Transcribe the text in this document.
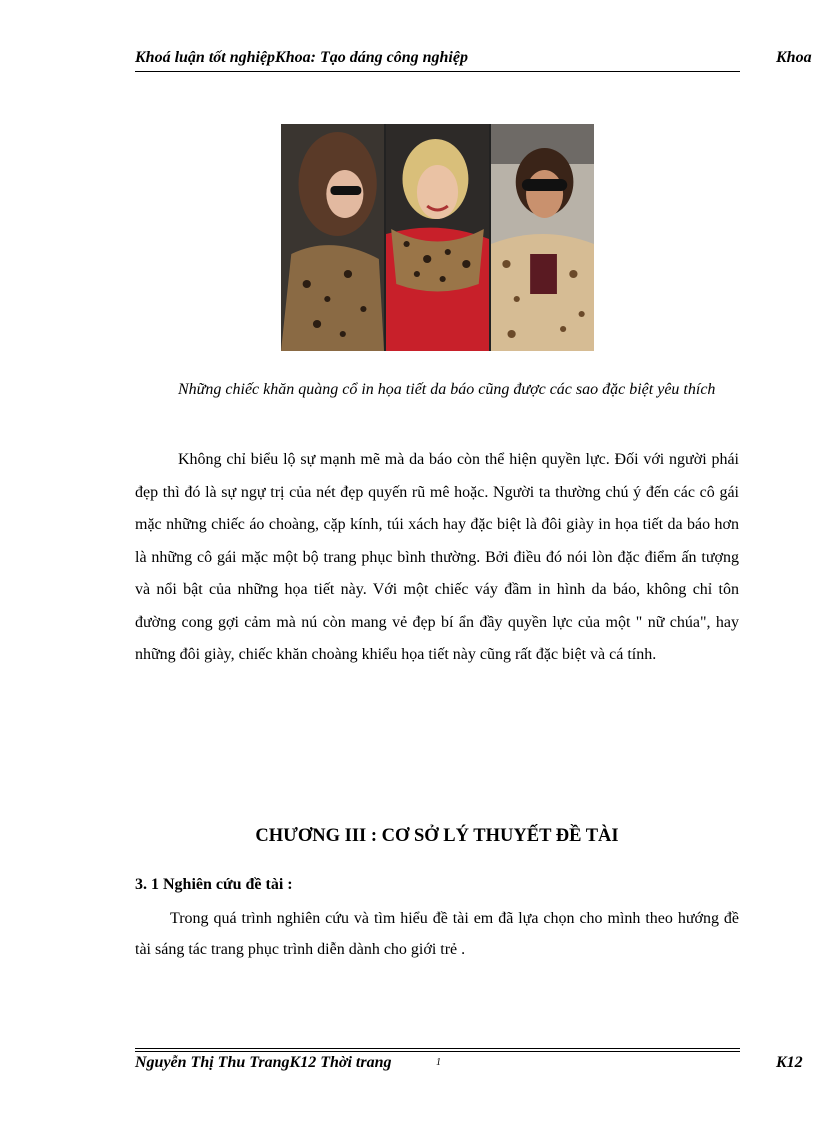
Khoá luận tốt nghiệpKhoa: Tạo dáng công nghiệp	Khoa
Những chiếc khăn quàng cổ in họa tiết da báo cũng được các sao đặc biệt yêu thích
Không chỉ biểu lộ sự mạnh mẽ mà da báo còn thể hiện quyền lực. Đối với người phái đẹp thì đó là sự ngự trị của nét đẹp quyến rũ mê hoặc. Người ta thường chú ý đến các cô gái mặc những chiếc áo choàng, cặp kính, túi xách hay đặc biệt là đôi giày in họa tiết da báo hơn là những cô gái mặc một bộ trang phục bình thường. Bởi điều đó nói lòn đặc điểm ấn tượng và nổi bật của những họa tiết này. Với một chiếc váy đầm in hình da báo, không chỉ tôn đường cong gợi cảm mà nú còn mang vẻ đẹp bí ẩn đầy quyền lực của một " nữ chúa", hay những đôi giày, chiếc khăn choàng khiểu họa tiết này cũng rất đặc biệt và cá tính.
CHƯƠNG III : CƠ SỞ LÝ THUYẾT ĐỀ TÀI
3. 1 Nghiên cứu đề tài :
Trong quá trình nghiên cứu và tìm hiểu đề tài em đã lựa chọn cho mình theo hướng đề tài sáng tác trang phục trình diễn dành cho giới trẻ .
Nguyễn Thị Thu TrangK12 Thời trang	1	K12
